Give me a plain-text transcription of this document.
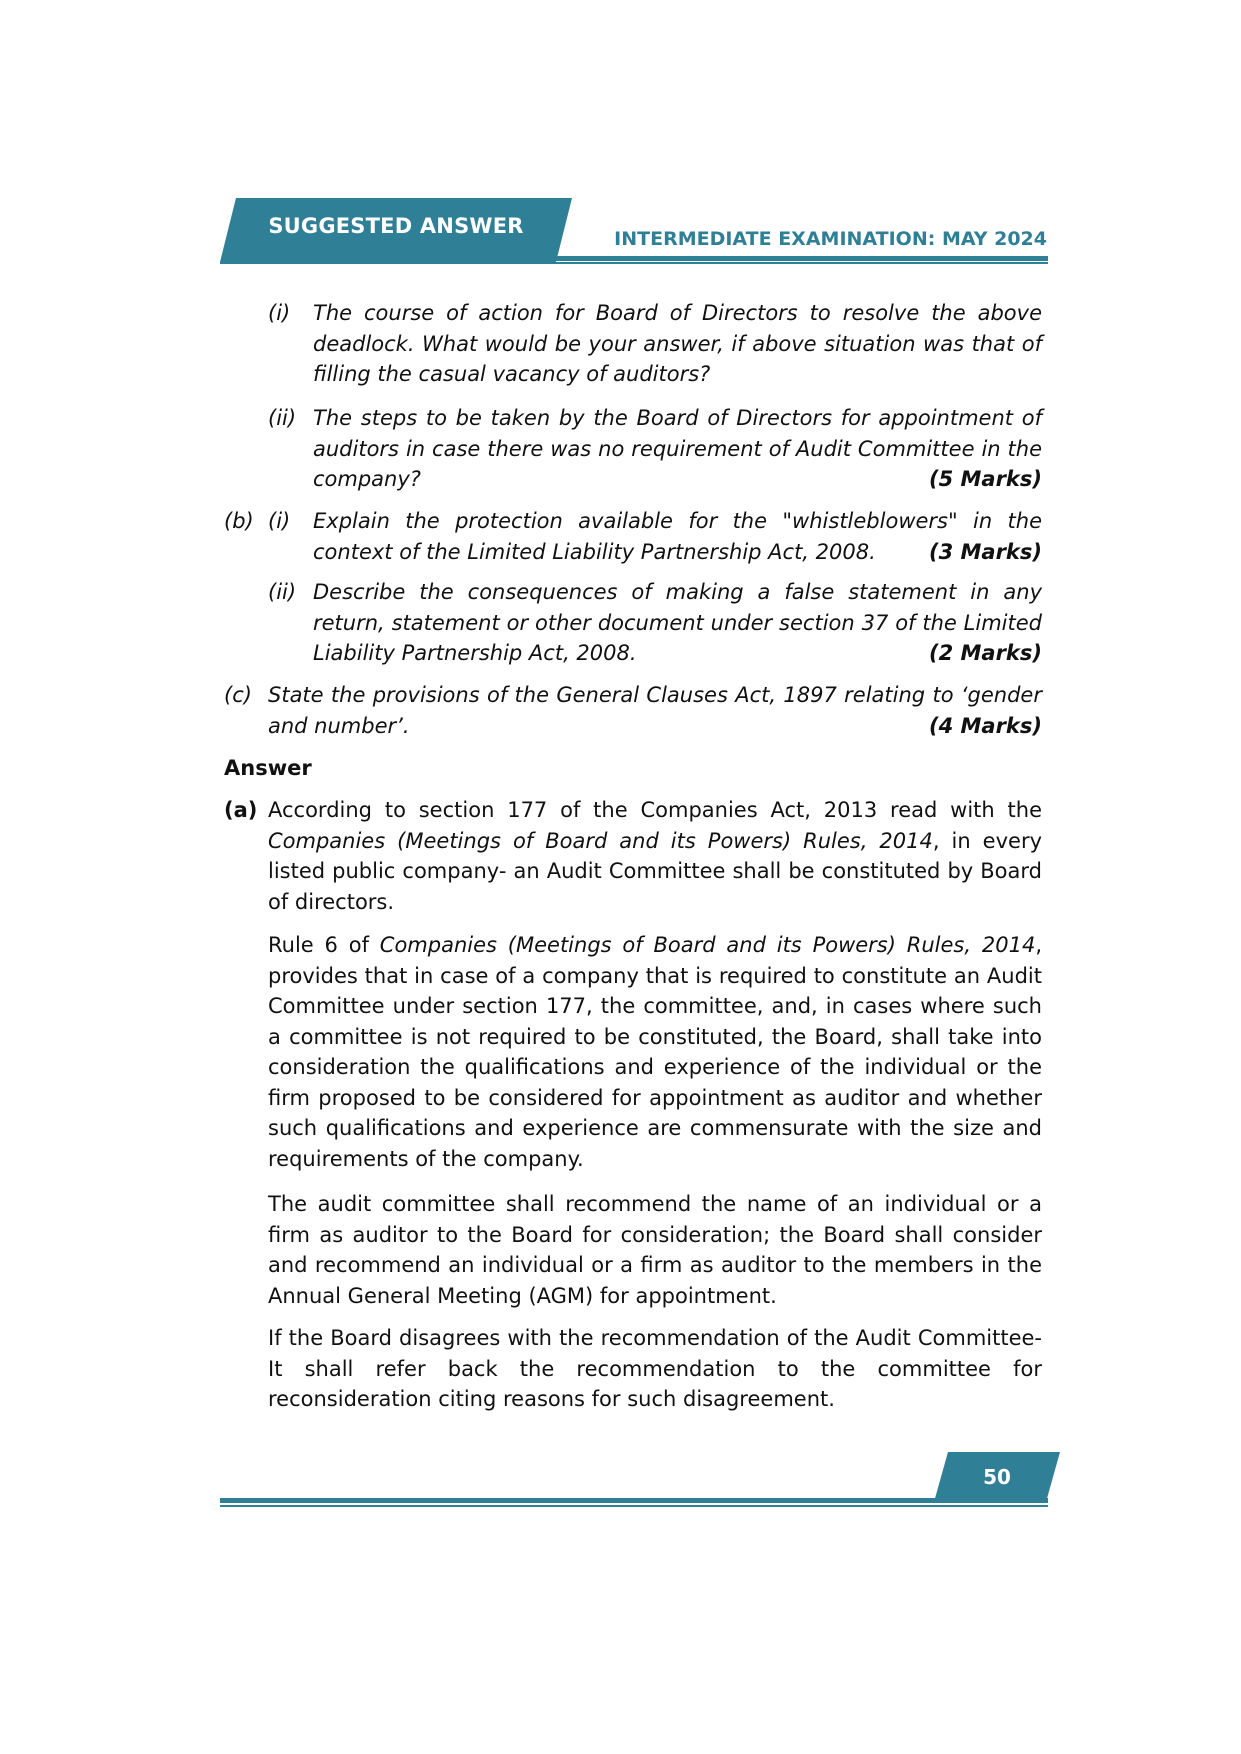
SUGGESTED ANSWER
INTERMEDIATE EXAMINATION: MAY 2024
(i) The course of action for Board of Directors to resolve the above deadlock. What would be your answer, if above situation was that of filling the casual vacancy of auditors?
(ii) The steps to be taken by the Board of Directors for appointment of auditors in case there was no requirement of Audit Committee in the company?	(5 Marks)
(b) (i) Explain the protection available for the "whistleblowers" in the context of the Limited Liability Partnership Act, 2008.	(3 Marks)
(ii) Describe the consequences of making a false statement in any return, statement or other document under section 37 of the Limited Liability Partnership Act, 2008.	(2 Marks)
(c) State the provisions of the General Clauses Act, 1897 relating to ‘gender and number’.	(4 Marks)
Answer
(a) According to section 177 of the Companies Act, 2013 read with the Companies (Meetings of Board and its Powers) Rules, 2014, in every listed public company- an Audit Committee shall be constituted by Board of directors.
Rule 6 of Companies (Meetings of Board and its Powers) Rules, 2014, provides that in case of a company that is required to constitute an Audit Committee under section 177, the committee, and, in cases where such a committee is not required to be constituted, the Board, shall take into consideration the qualifications and experience of the individual or the firm proposed to be considered for appointment as auditor and whether such qualifications and experience are commensurate with the size and requirements of the company.
The audit committee shall recommend the name of an individual or a firm as auditor to the Board for consideration; the Board shall consider and recommend an individual or a firm as auditor to the members in the Annual General Meeting (AGM) for appointment.
If the Board disagrees with the recommendation of the Audit Committee- It shall refer back the recommendation to the committee for reconsideration citing reasons for such disagreement.
50
